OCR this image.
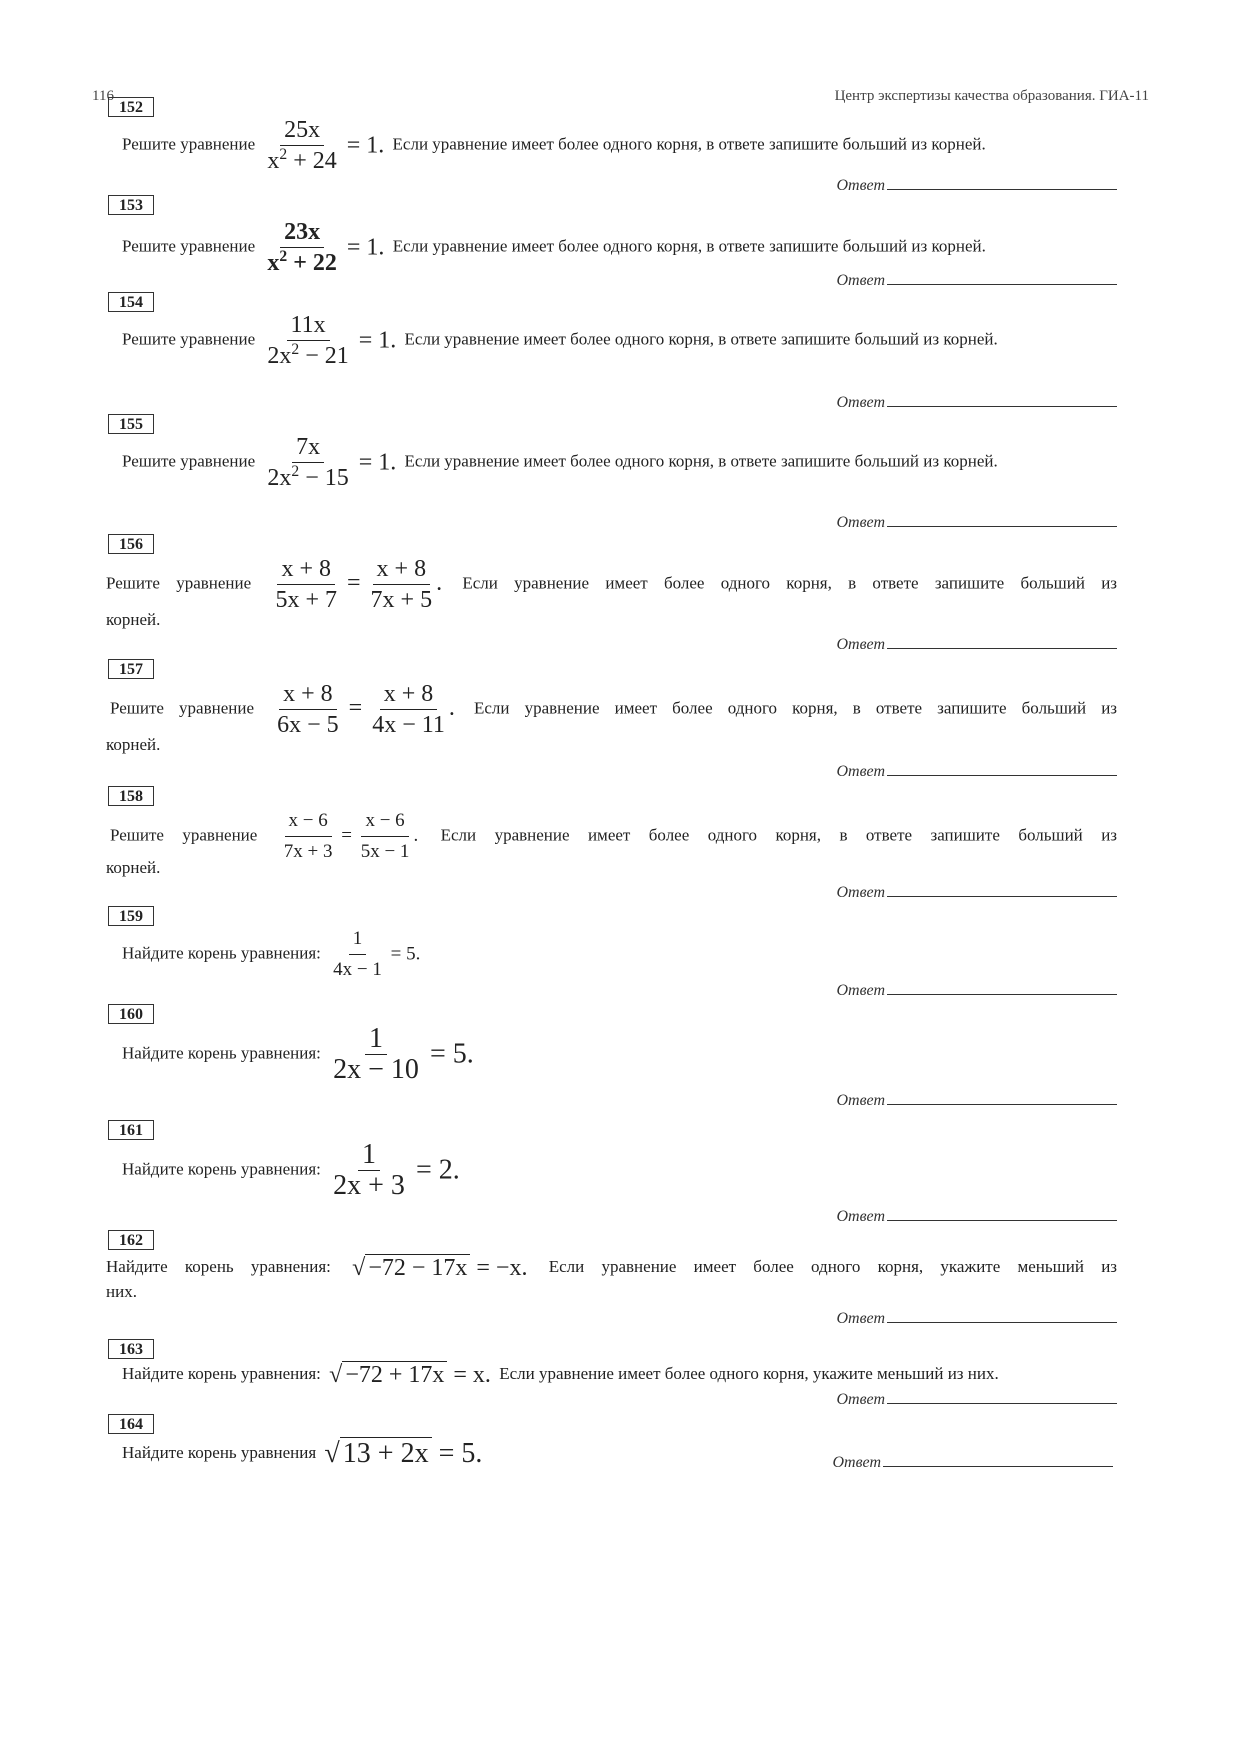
116	Центр экспертизы качества образования. ГИА-11
152
Решите уравнение $\frac{25x}{x^2 + 24} = 1$. Если уравнение имеет более одного корня, в ответе запишите больший из корней.
Ответ
153
Решите уравнение $\frac{23x}{x^2 + 22} = 1$. Если уравнение имеет более одного корня, в ответе запишите больший из корней.
Ответ
154
Решите уравнение $\frac{11x}{2x^2 - 21} = 1$. Если уравнение имеет более одного корня, в ответе запишите больший из корней.
Ответ
155
Решите уравнение $\frac{7x}{2x^2 - 15} = 1$. Если уравнение имеет более одного корня, в ответе запишите больший из корней.
Ответ
156
Решите уравнение $\frac{x + 8}{5x + 7} = \frac{x + 8}{7x + 5}$ . Если уравнение имеет более одного корня, в ответе запишите больший из
корней.
Ответ
157
Решите уравнение $\frac{x + 8}{6x - 5} = \frac{x + 8}{4x - 11}$ . Если уравнение имеет более одного корня, в ответе запишите больший из
корней.
Ответ
158
Решите уравнение $\frac{x - 6}{7x + 3} = \frac{x - 6}{5x - 1}$ . Если уравнение имеет более одного корня, в ответе запишите больший из
корней.
Ответ
159
Найдите корень уравнения: $\frac{1}{4x - 1} = 5$.
Ответ
160
Найдите корень уравнения: $\frac{1}{2x - 10} = 5$.
Ответ
161
Найдите корень уравнения: $\frac{1}{2x + 3} = 2$.
Ответ
162
Найдите корень уравнения: √ −72 − 17x = −x. Если уравнение имеет более одного корня, укажите меньший из
них.
Ответ
163
Найдите корень уравнения: √ −72 + 17x = x. Если уравнение имеет более одного корня, укажите меньший из них.
Ответ
164
Найдите корень уравнения √ 13 + 2x = 5.	Ответ
